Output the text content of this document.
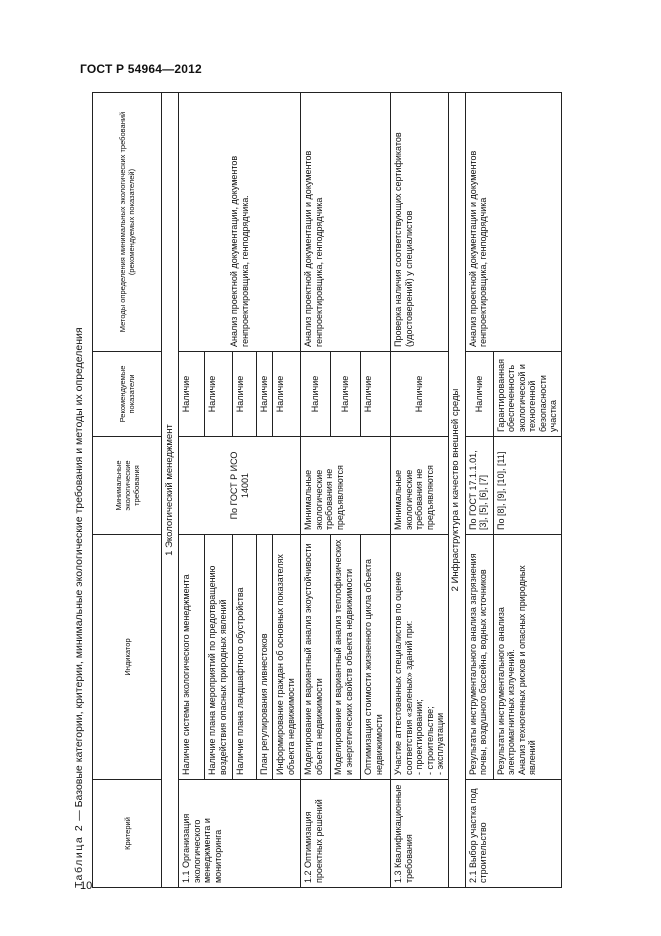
ГОСТ Р 54964—2012
Таблица 2 — Базовые категории, критерии, минимальные экологические требования и методы их определения
Критерий	Индикатор	Минимальные экологические требования	Рекомендуемые показатели	Методы определения минимальных экологических требований (рекомендуемых показателей)
1 Экологический менеджмент				
1.1 Организация экологического менеджмента и мониторинга	Наличие системы экологического менеджмента	По ГОСТ Р ИСО 14001	Наличие	Анализ проектной документации, документов генпроектировщика, генподрядчика.
	Наличие плана мероприятий по предотвращению воздействия опасных природных явлений		Наличие	
	Наличие плана ландшафтного обустройства		Наличие	
	План регулирования ливнестоков		Наличие	
	Информирование граждан об основных показателях объекта недвижимости		Наличие	
1.2 Оптимизация проектных решений	Моделирование и вариантный анализ экоустойчивости объекта недвижимости	Минимальные экологические требования не предъявляются	Наличие	Анализ проектной документации и документов генпроектировщика, генподрядчика
	Моделирование и вариантный анализ теплофизических и энергетических свойств объекта недвижимости		Наличие	
	Оптимизация стоимости жизненного цикла объекта недвижимости		Наличие	
1.3 Квалификационные требования	Участие аттестованных специалистов по оценке соответствия «зеленых» зданий при:
- проектировании;
- строительстве;
- эксплуатации	Минимальные экологические требования не предъявляются	Наличие	Проверка наличия соответствующих сертификатов (удостоверений) у специалистов
2 Инфраструктура и качество внешней среды				
2.1 Выбор участка под строительство	Результаты инструментального анализа загрязнения почвы, воздушного бассейна, водных источников	По ГОСТ 17.1.1.01, [3], [5], [6], [7]	Наличие	Анализ проектной документации и документов генпроектировщика, генподрядчика
	Результаты инструментального анализа электромагнитных излучений.
Анализ техногенных рисков и опасных природных явлений	По [8], [9], [10], [11]	Гарантированная обеспеченность экологической и техногенной безопасности участка	
10
